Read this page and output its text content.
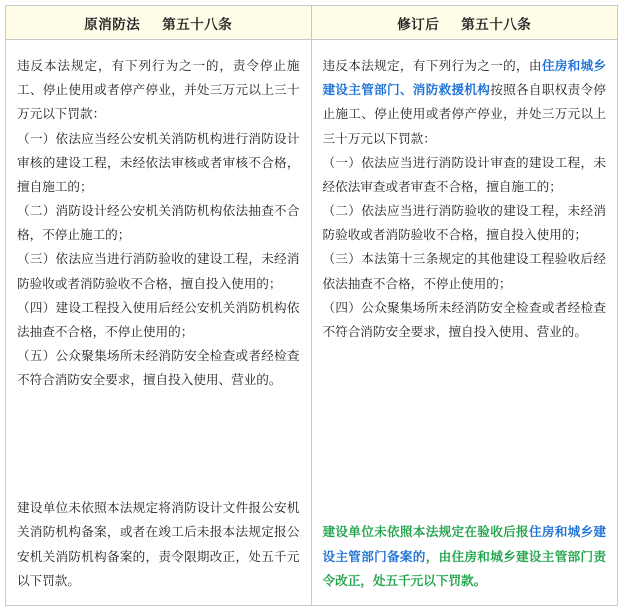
原消防法 第五十八条	修订后 第五十八条

违反本法规定，有下列行为之一的，责令停止施工、停止使用或者停产停业，并处三万元以上三十万元以下罚款：

（一）依法应当经公安机关消防机构进行消防设计审核的建设工程，未经依法审核或者审核不合格，擅自施工的；

（二）消防设计经公安机关消防机构依法抽查不合格，不停止施工的；

（三）依法应当进行消防验收的建设工程，未经消防验收或者消防验收不合格，擅自投入使用的；

（四）建设工程投入使用后经公安机关消防机构依法抽查不合格，不停止使用的；

（五）公众聚集场所未经消防安全检查或者经检查不符合消防安全要求，擅自投入使用、营业的。

建设单位未依照本法规定将消防设计文件报公安机关消防机构备案，或者在竣工后未报本法规定报公安机关消防机构备案的，责令限期改正，处五千元以下罚款。

违反本法规定，有下列行为之一的，由住房和城乡建设主管部门、消防救援机构按照各自职权责令停止施工、停止使用或者停产停业，并处三万元以上三十万元以下罚款：

（一）依法应当进行消防设计审查的建设工程，未经依法审查或者审查不合格，擅自施工的；

（二）依法应当进行消防验收的建设工程，未经消防验收或者消防验收不合格，擅自投入使用的；

（三）本法第十三条规定的其他建设工程验收后经依法抽查不合格，不停止使用的；

（四）公众聚集场所未经消防安全检查或者经检查不符合消防安全要求，擅自投入使用、营业的。

建设单位未依照本法规定在验收后报住房和城乡建设主管部门备案的，由住房和城乡建设主管部门责令改正，处五千元以下罚款。
